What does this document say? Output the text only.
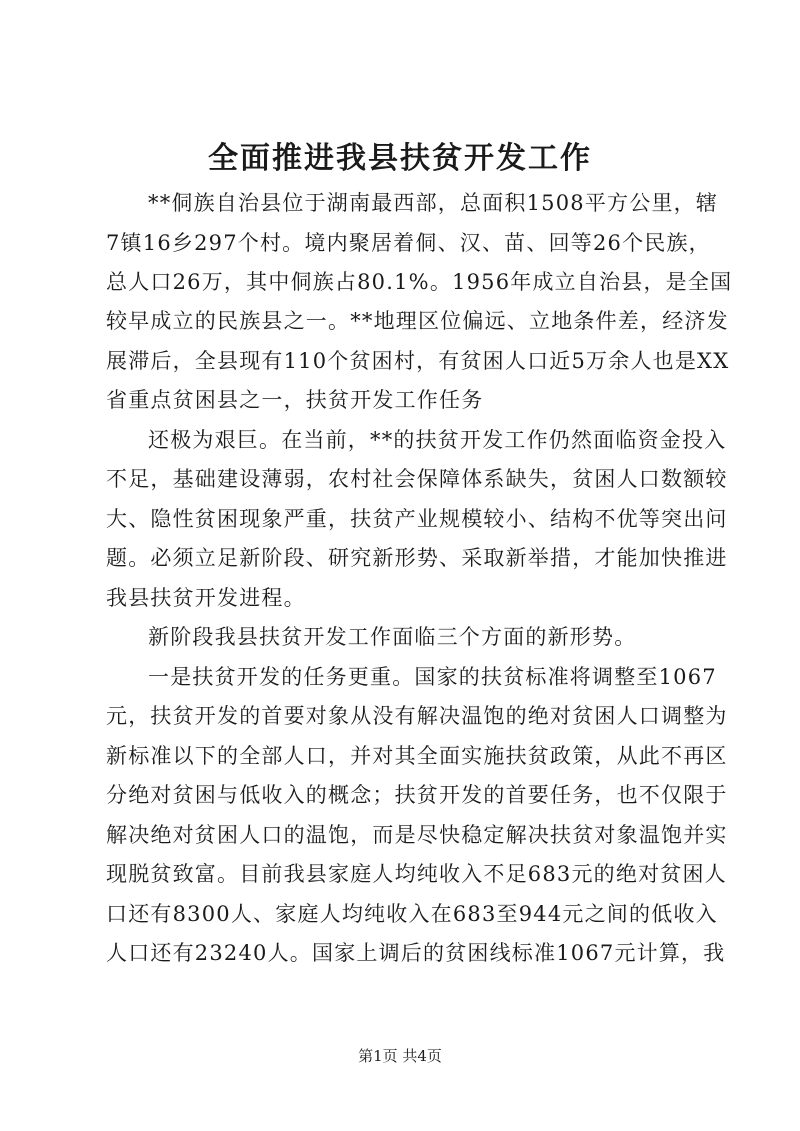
全面推进我县扶贫开发工作
**侗族自治县位于湖南最西部，总面积1508平方公里，辖
7镇16乡297个村。境内聚居着侗、汉、苗、回等26个民族，
总人口26万，其中侗族占80.1%。1956年成立自治县，是全国
较早成立的民族县之一。**地理区位偏远、立地条件差，经济发
展滞后，全县现有110个贫困村，有贫困人口近5万余人也是XX
省重点贫困县之一，扶贫开发工作任务
还极为艰巨。在当前，**的扶贫开发工作仍然面临资金投入
不足，基础建设薄弱，农村社会保障体系缺失，贫困人口数额较
大、隐性贫困现象严重，扶贫产业规模较小、结构不优等突出问
题。必须立足新阶段、研究新形势、采取新举措，才能加快推进
我县扶贫开发进程。
新阶段我县扶贫开发工作面临三个方面的新形势。
一是扶贫开发的任务更重。国家的扶贫标准将调整至1067
元，扶贫开发的首要对象从没有解决温饱的绝对贫困人口调整为
新标准以下的全部人口，并对其全面实施扶贫政策，从此不再区
分绝对贫困与低收入的概念；扶贫开发的首要任务，也不仅限于
解决绝对贫困人口的温饱，而是尽快稳定解决扶贫对象温饱并实
现脱贫致富。目前我县家庭人均纯收入不足683元的绝对贫困人
口还有8300人、家庭人均纯收入在683至944元之间的低收入
人口还有23240人。国家上调后的贫困线标准1067元计算，我
第1页 共4页
